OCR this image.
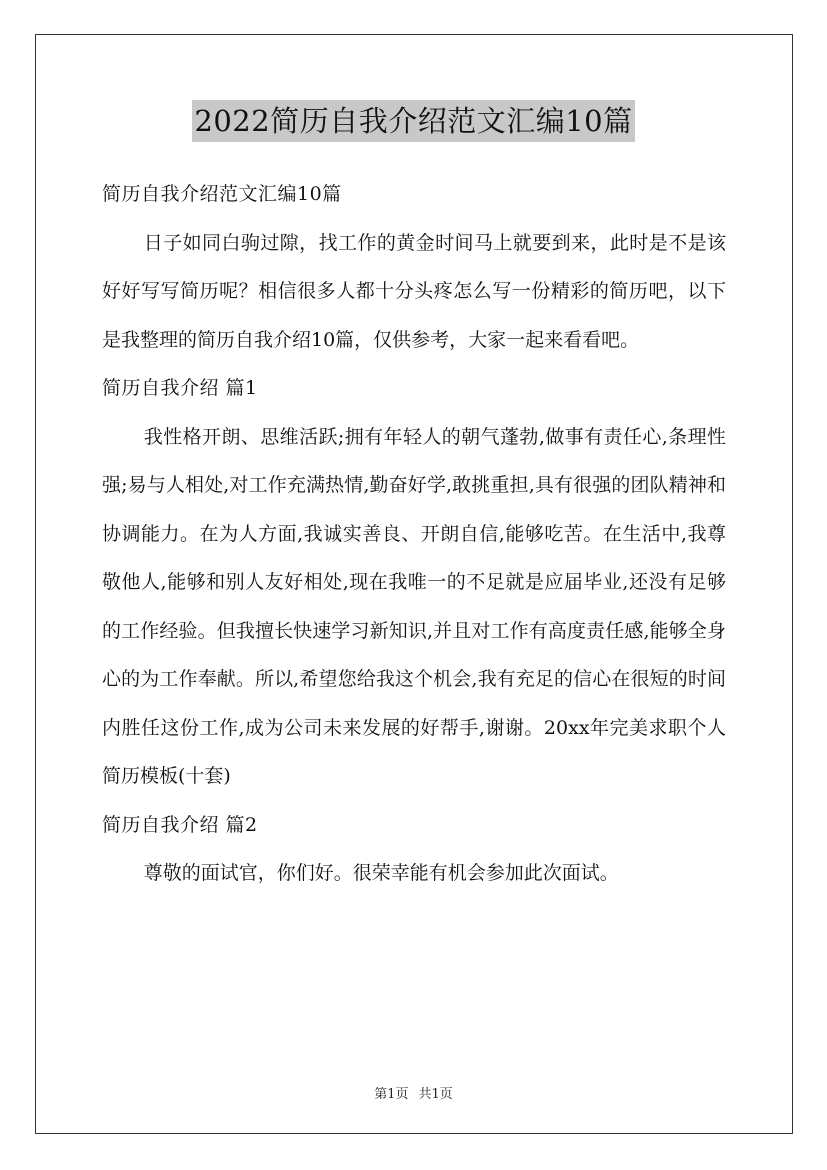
2022简历自我介绍范文汇编10篇

简历自我介绍范文汇编10篇

日子如同白驹过隙，找工作的黄金时间马上就要到来，此时是不是该好好写写简历呢？相信很多人都十分头疼怎么写一份精彩的简历吧，以下是我整理的简历自我介绍10篇，仅供参考，大家一起来看看吧。

简历自我介绍 篇1

我性格开朗、思维活跃;拥有年轻人的朝气蓬勃,做事有责任心,条理性强;易与人相处,对工作充满热情,勤奋好学,敢挑重担,具有很强的团队精神和协调能力。在为人方面,我诚实善良、开朗自信,能够吃苦。在生活中,我尊敬他人,能够和别人友好相处,现在我唯一的不足就是应届毕业,还没有足够的工作经验。但我擅长快速学习新知识,并且对工作有高度责任感,能够全身心的为工作奉献。所以,希望您给我这个机会,我有充足的信心在很短的时间内胜任这份工作,成为公司未来发展的好帮手,谢谢。20xx年完美求职个人简历模板(十套)

简历自我介绍 篇2

尊敬的面试官，你们好。很荣幸能有机会参加此次面试。

第1页 共1页
